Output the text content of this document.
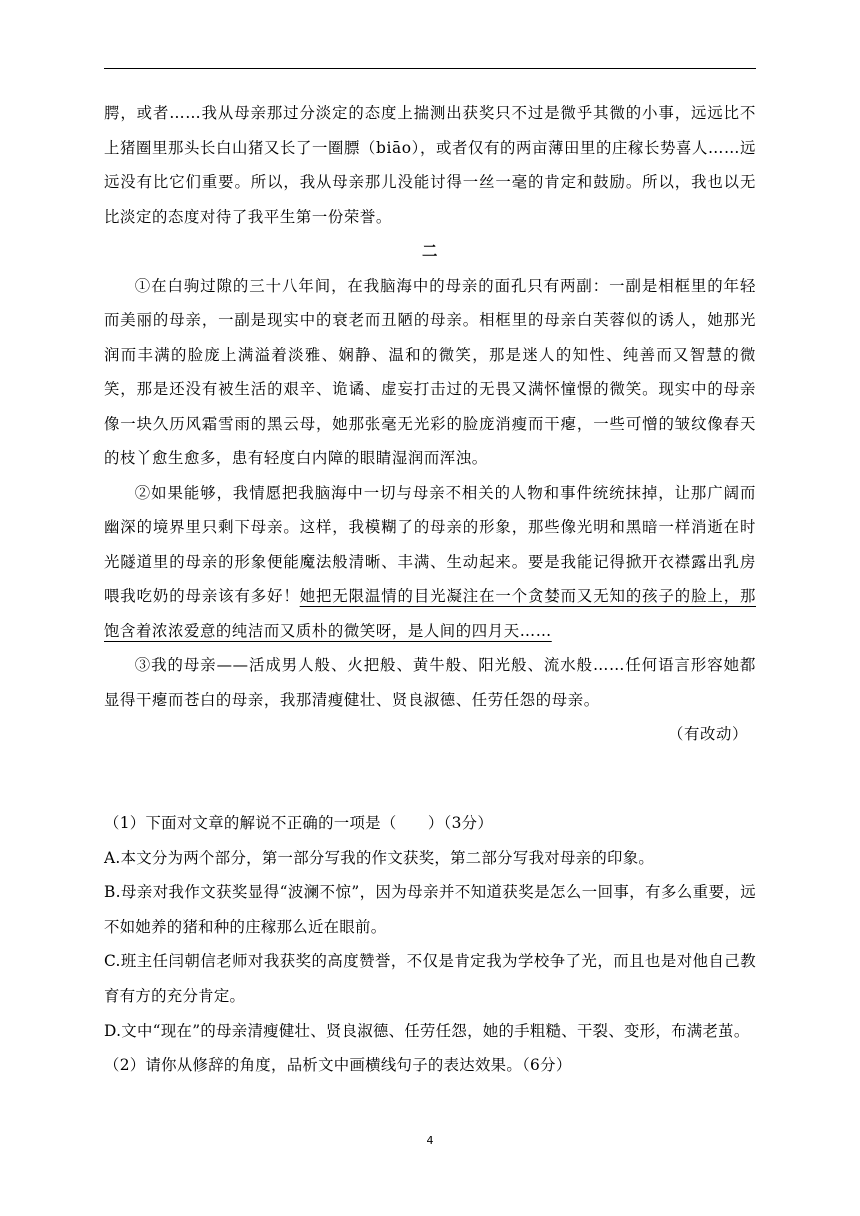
腭，或者……我从母亲那过分淡定的态度上揣测出获奖只不过是微乎其微的小事，远远比不上猪圈里那头长白山猪又长了一圈膘（biāo），或者仅有的两亩薄田里的庄稼长势喜人……远远没有比它们重要。所以，我从母亲那儿没能讨得一丝一毫的肯定和鼓励。所以，我也以无比淡定的态度对待了我平生第一份荣誉。

二

①在白驹过隙的三十八年间，在我脑海中的母亲的面孔只有两副：一副是相框里的年轻而美丽的母亲，一副是现实中的衰老而丑陋的母亲。相框里的母亲白芙蓉似的诱人，她那光润而丰满的脸庞上满溢着淡雅、娴静、温和的微笑，那是迷人的知性、纯善而又智慧的微笑，那是还没有被生活的艰辛、诡谲、虚妄打击过的无畏又满怀憧憬的微笑。现实中的母亲像一块久历风霜雪雨的黑云母，她那张毫无光彩的脸庞消瘦而干瘪，一些可憎的皱纹像春天的枝丫愈生愈多，患有轻度白内障的眼睛湿润而浑浊。

②如果能够，我情愿把我脑海中一切与母亲不相关的人物和事件统统抹掉，让那广阔而幽深的境界里只剩下母亲。这样，我模糊了的母亲的形象，那些像光明和黑暗一样消逝在时光隧道里的母亲的形象便能魔法般清晰、丰满、生动起来。要是我能记得掀开衣襟露出乳房喂我吃奶的母亲该有多好！她把无限温情的目光凝注在一个贪婪而又无知的孩子的脸上，那饱含着浓浓爱意的纯洁而又质朴的微笑呀，是人间的四月天……

③我的母亲——活成男人般、火把般、黄牛般、阳光般、流水般……任何语言形容她都显得干瘪而苍白的母亲，我那清瘦健壮、贤良淑德、任劳任怨的母亲。

（有改动）

（1）下面对文章的解说不正确的一项是（　　）（3分）

A.本文分为两个部分，第一部分写我的作文获奖，第二部分写我对母亲的印象。

B.母亲对我作文获奖显得“波澜不惊”，因为母亲并不知道获奖是怎么一回事，有多么重要，远不如她养的猪和种的庄稼那么近在眼前。

C.班主任闫朝信老师对我获奖的高度赞誉，不仅是肯定我为学校争了光，而且也是对他自己教育有方的充分肯定。

D.文中“现在”的母亲清瘦健壮、贤良淑德、任劳任怨，她的手粗糙、干裂、变形，布满老茧。

（2）请你从修辞的角度，品析文中画横线句子的表达效果。（6分）

4
